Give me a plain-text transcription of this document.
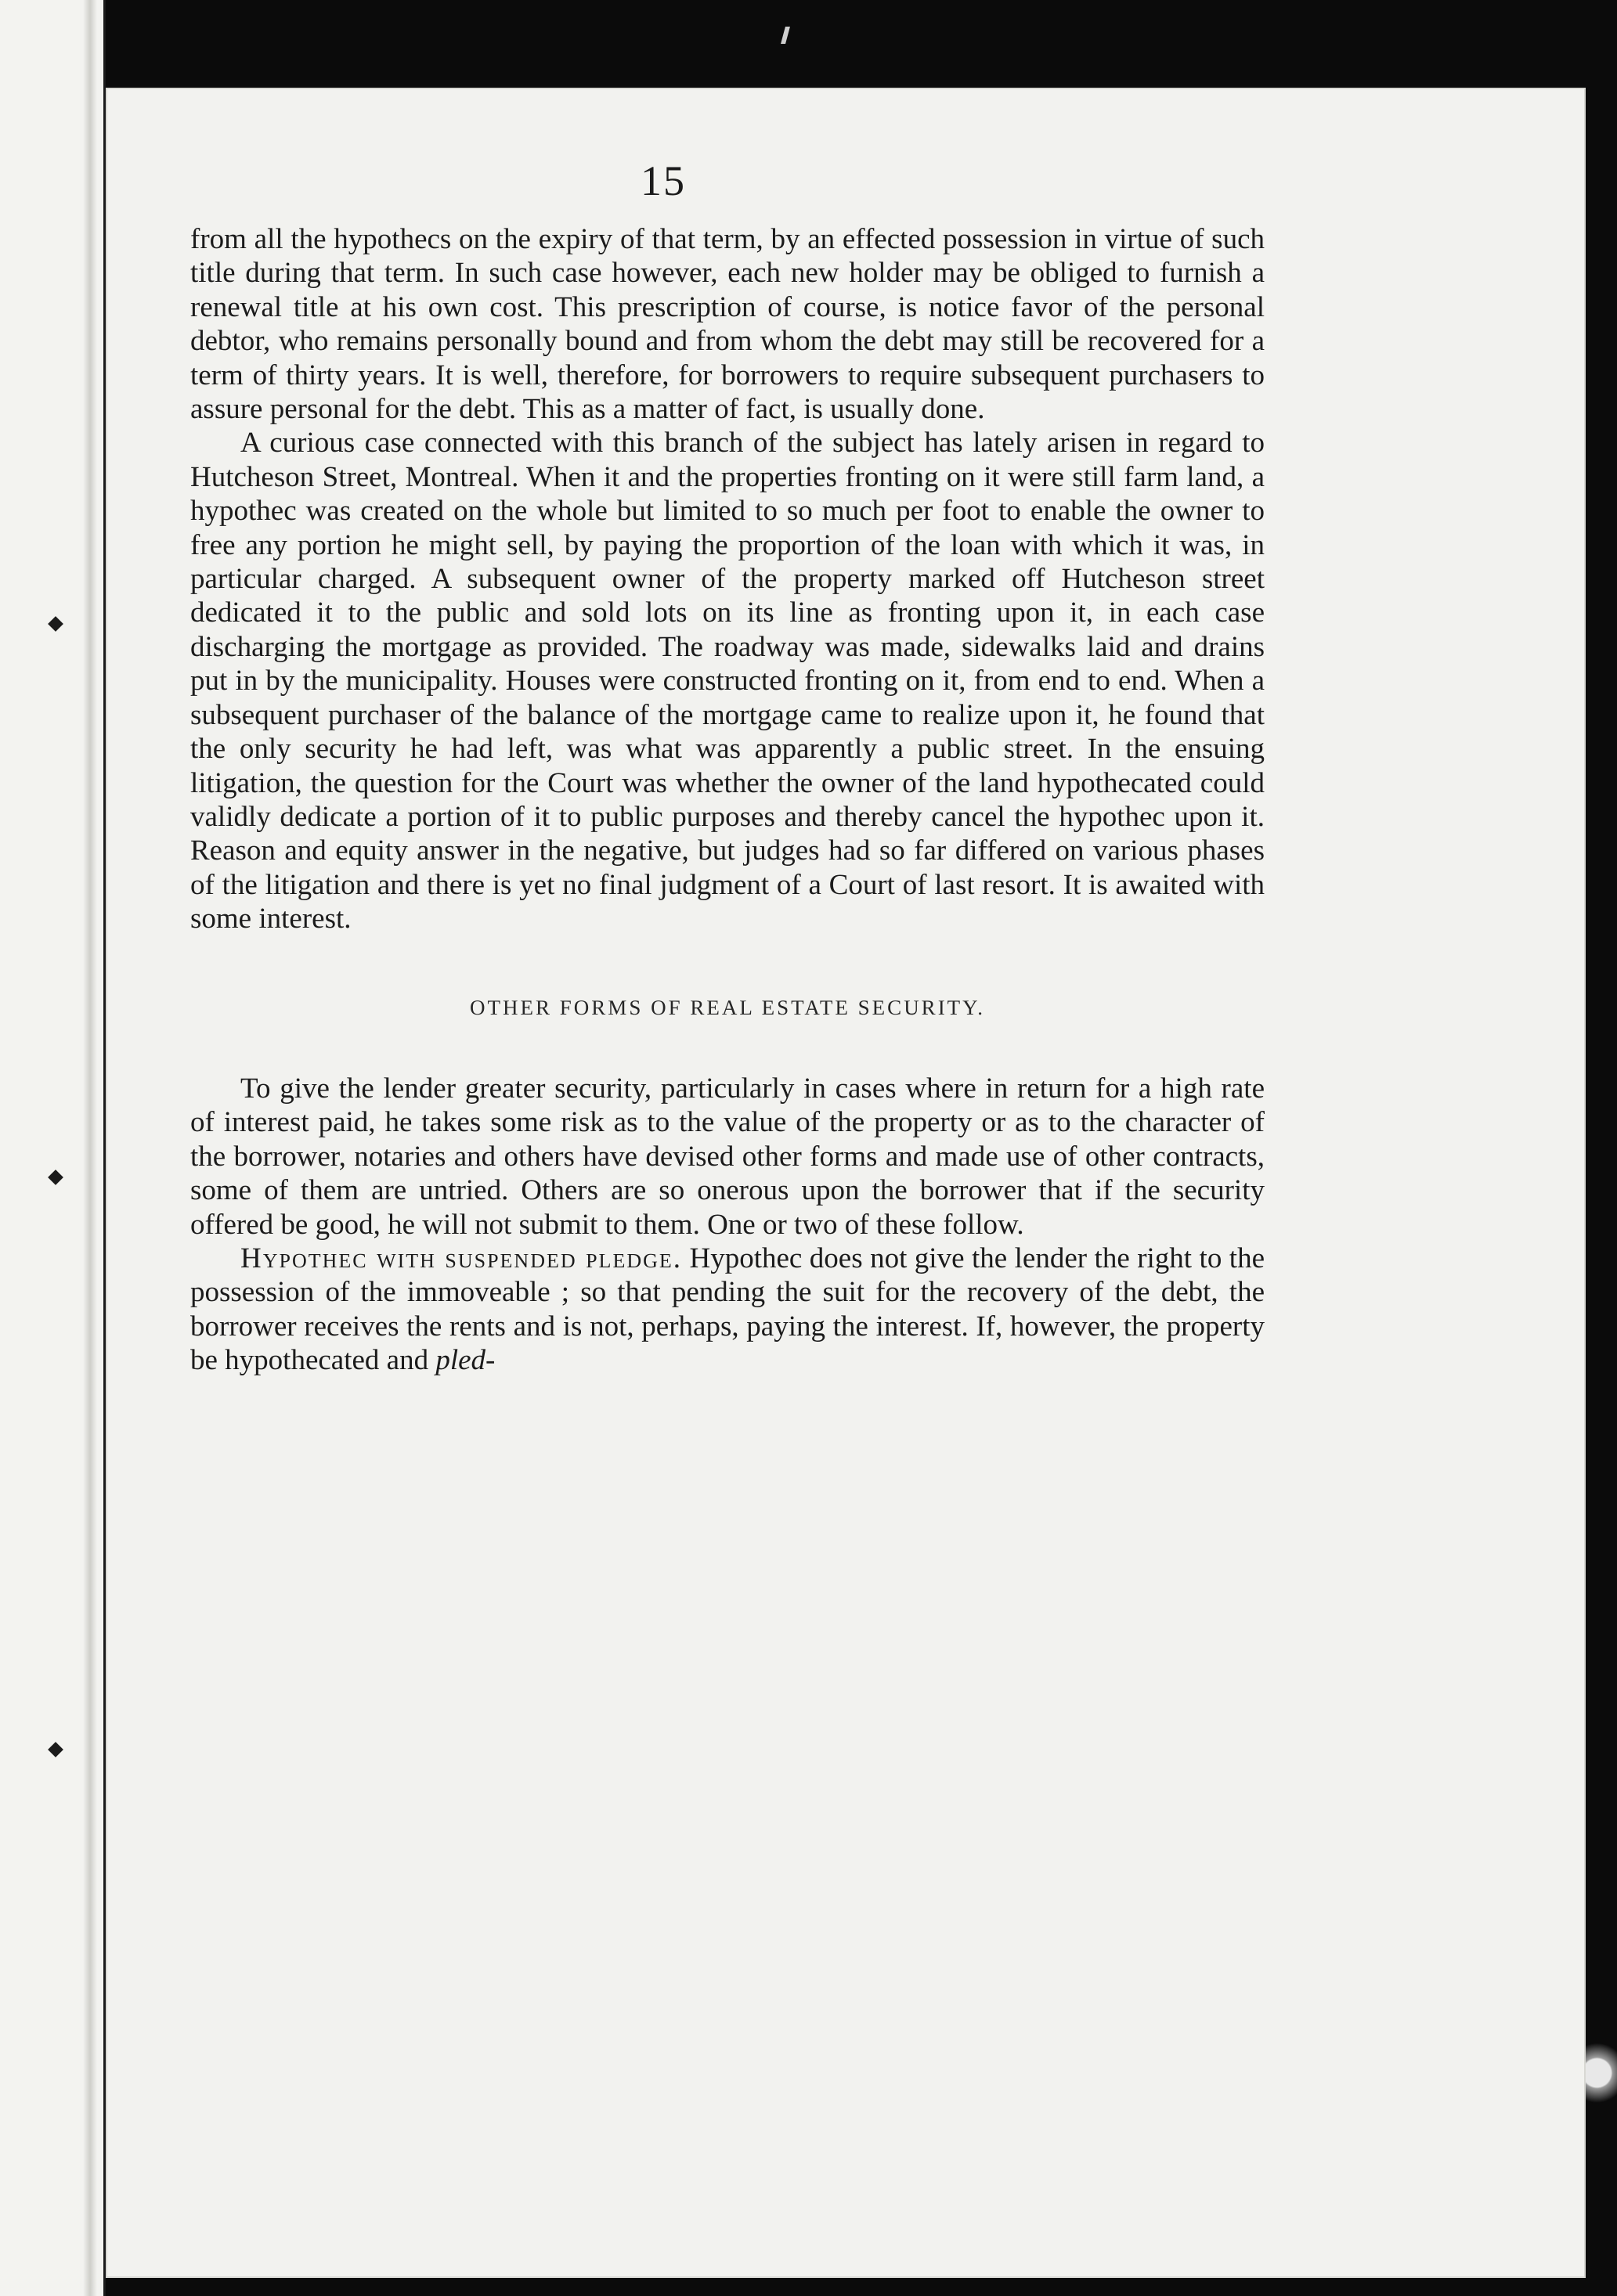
15

from all the hypothecs on the expiry of that term, by an effected possession in virtue of such title during that term. In such case however, each new holder may be obliged to furnish a renewal title at his own cost. This prescription of course, is notice favor of the personal debtor, who remains personally bound and from whom the debt may still be recovered for a term of thirty years. It is well, therefore, for borrowers to require subsequent purchasers to assure personal for the debt. This as a matter of fact, is usually done.

A curious case connected with this branch of the subject has lately arisen in regard to Hutcheson Street, Montreal. When it and the properties fronting on it were still farm land, a hypothec was created on the whole but limited to so much per foot to enable the owner to free any portion he might sell, by paying the proportion of the loan with which it was, in particular charged. A subsequent owner of the property marked off Hutcheson street dedicated it to the public and sold lots on its line as fronting upon it, in each case discharging the mortgage as provided. The roadway was made, sidewalks laid and drains put in by the municipality. Houses were constructed fronting on it, from end to end. When a subsequent purchaser of the balance of the mortgage came to realize upon it, he found that the only security he had left, was what was apparently a public street. In the ensuing litigation, the question for the Court was whether the owner of the land hypothecated could validly dedicate a portion of it to public purposes and thereby cancel the hypothec upon it. Reason and equity answer in the negative, but judges had so far differed on various phases of the litigation and there is yet no final judgment of a Court of last resort. It is awaited with some interest.

OTHER FORMS OF REAL ESTATE SECURITY.

To give the lender greater security, particularly in cases where in return for a high rate of interest paid, he takes some risk as to the value of the property or as to the character of the borrower, notaries and others have devised other forms and made use of other contracts, some of them are untried. Others are so onerous upon the borrower that if the security offered be good, he will not submit to them. One or two of these follow.

Hypothec with suspended pledge. Hypothec does not give the lender the right to the possession of the immoveable ; so that pending the suit for the recovery of the debt, the borrower receives the rents and is not, perhaps, paying the interest. If, however, the property be hypothecated and pled-
